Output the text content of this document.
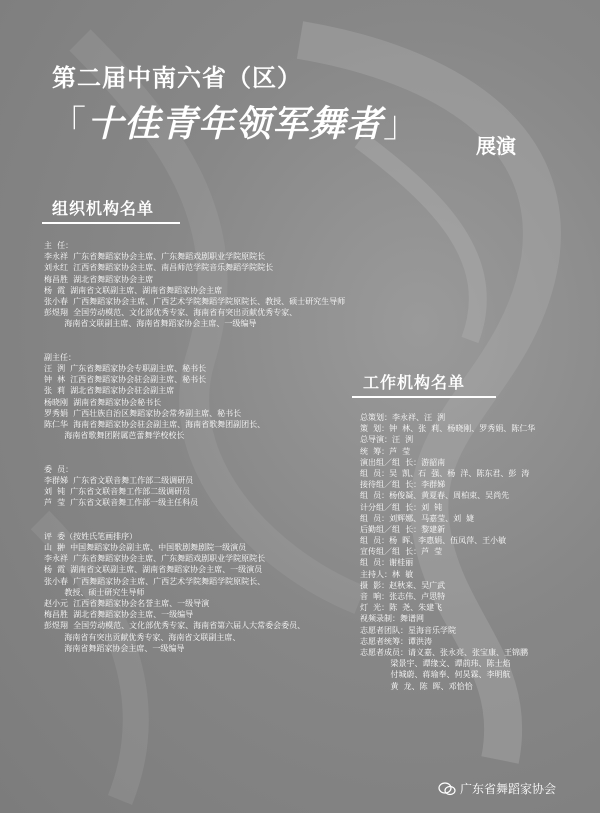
第二届中南六省（区）
「十佳青年领军舞者」
展演
组织机构名单
主  任：
李永祥  广东省舞蹈家协会主席、广东舞蹈戏剧职业学院原院长
刘永红  江西省舞蹈家协会主席、南昌师范学院音乐舞蹈学院院长
梅昌胜  湖北省舞蹈家协会主席
杨  霞  湖南省文联副主席、湖南省舞蹈家协会主席
张小春  广西舞蹈家协会主席、广西艺术学院舞蹈学院原院长、教授、硕士研究生导师
彭煜翔  全国劳动模范、文化部优秀专家、海南省有突出贡献优秀专家、
海南省文联副主席、海南省舞蹈家协会主席、一级编导
副主任：
汪  洌  广东省舞蹈家协会专职副主席、秘书长
钟  林  江西省舞蹈家协会驻会副主席、秘书长
张  莉  湖北省舞蹈家协会驻会副主席
杨晓刚  湖南省舞蹈家协会秘书长
罗秀娟  广西壮族自治区舞蹈家协会常务副主席、秘书长
陈仁华  海南省舞蹈家协会驻会副主席、海南省歌舞团副团长、
海南省歌舞团附属芭蕾舞学校校长
委  员：
李群娣  广东省文联音舞工作部二级调研员
刘  钝  广东省文联音舞工作部二级调研员
芦  莹  广东省文联音舞工作部一级主任科员
评  委（按姓氏笔画排序）
山  翀  中国舞蹈家协会副主席、中国歌剧舞剧院一级演员
李永祥  广东省舞蹈家协会主席、广东舞蹈戏剧职业学院原院长
杨  霞  湖南省文联副主席、湖南省舞蹈家协会主席、一级演员
张小春  广西舞蹈家协会主席、广西艺术学院舞蹈学院原院长、
教授、硕士研究生导师
赵小元  江西省舞蹈家协会名誉主席、一级导演
梅昌胜  湖北省舞蹈家协会主席、一级编导
彭煜翔  全国劳动模范、文化部优秀专家、海南省第六届人大常委会委员、
海南省有突出贡献优秀专家、海南省文联副主席、
海南省舞蹈家协会主席、一级编导
工作机构名单
总策划：李永祥、汪  洌
策  划：钟  林、张  莉、杨晓刚、罗秀娟、陈仁华
总导演：汪  洌
统  筹：芦  莹
演出组／组  长：游韶南
组  员：吴  凯、石  强、杨  洋、陈东君、彭  涛
接待组／组  长：李群娣
组  员：杨俊凝、黄夏春、周柏束、吴尚先
计分组／组  长：刘  钝
组  员：刘辉娜、马嘉莹、刘  婕
后勤组／组  长：黎建新
组  员：杨  晖、李惠娟、伍凤萍、王小敏
宣传组／组  长：芦  莹
组  员：谢桂丽
主持人：林  敏
摄  影：赵秋来、吴广武
音  响：张志伟、卢思特
灯  光：陈  尧、朱建飞
视频录制：舞谱网
志愿者团队：星海音乐学院
志愿者统筹：谭洪涛
志愿者成员：请义嘉、张永亮、张宝康、王锦鹏
梁景宇、谭缘文、谭前玮、陈士焰
付城蔚、蒋瑜奉、何昊霖、李明航
黄  龙、陈  晖、邓恰恰
广东省舞蹈家协会
